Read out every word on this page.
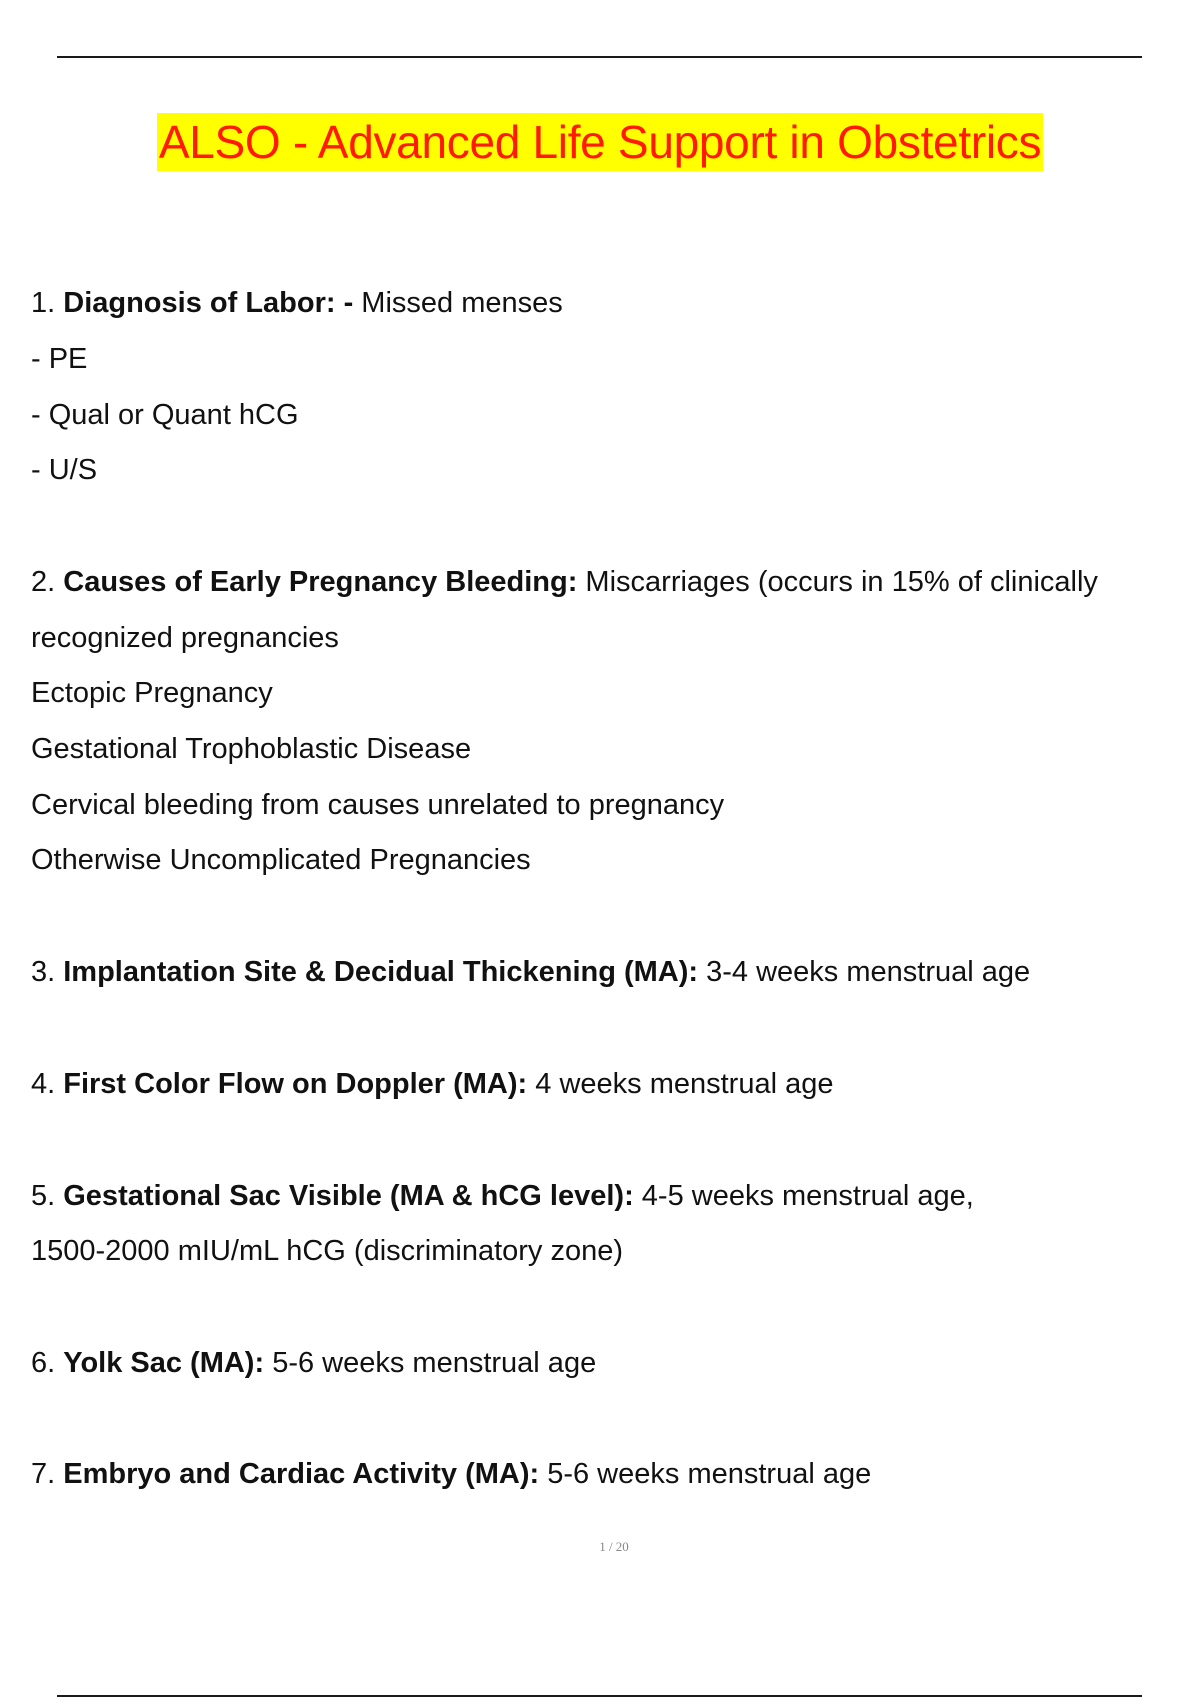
ALSO - Advanced Life Support in Obstetrics
1. Diagnosis of Labor: - Missed menses
- PE
- Qual or Quant hCG
- U/S
2. Causes of Early Pregnancy Bleeding: Miscarriages (occurs in 15% of clinically
recognized pregnancies
Ectopic Pregnancy
Gestational Trophoblastic Disease
Cervical bleeding from causes unrelated to pregnancy
Otherwise Uncomplicated Pregnancies
3. Implantation Site & Decidual Thickening (MA): 3-4 weeks menstrual age
4. First Color Flow on Doppler (MA): 4 weeks menstrual age
5. Gestational Sac Visible (MA & hCG level): 4-5 weeks menstrual age,
1500-2000 mIU/mL hCG (discriminatory zone)
6. Yolk Sac (MA): 5-6 weeks menstrual age
7. Embryo and Cardiac Activity (MA): 5-6 weeks menstrual age
1 / 20
